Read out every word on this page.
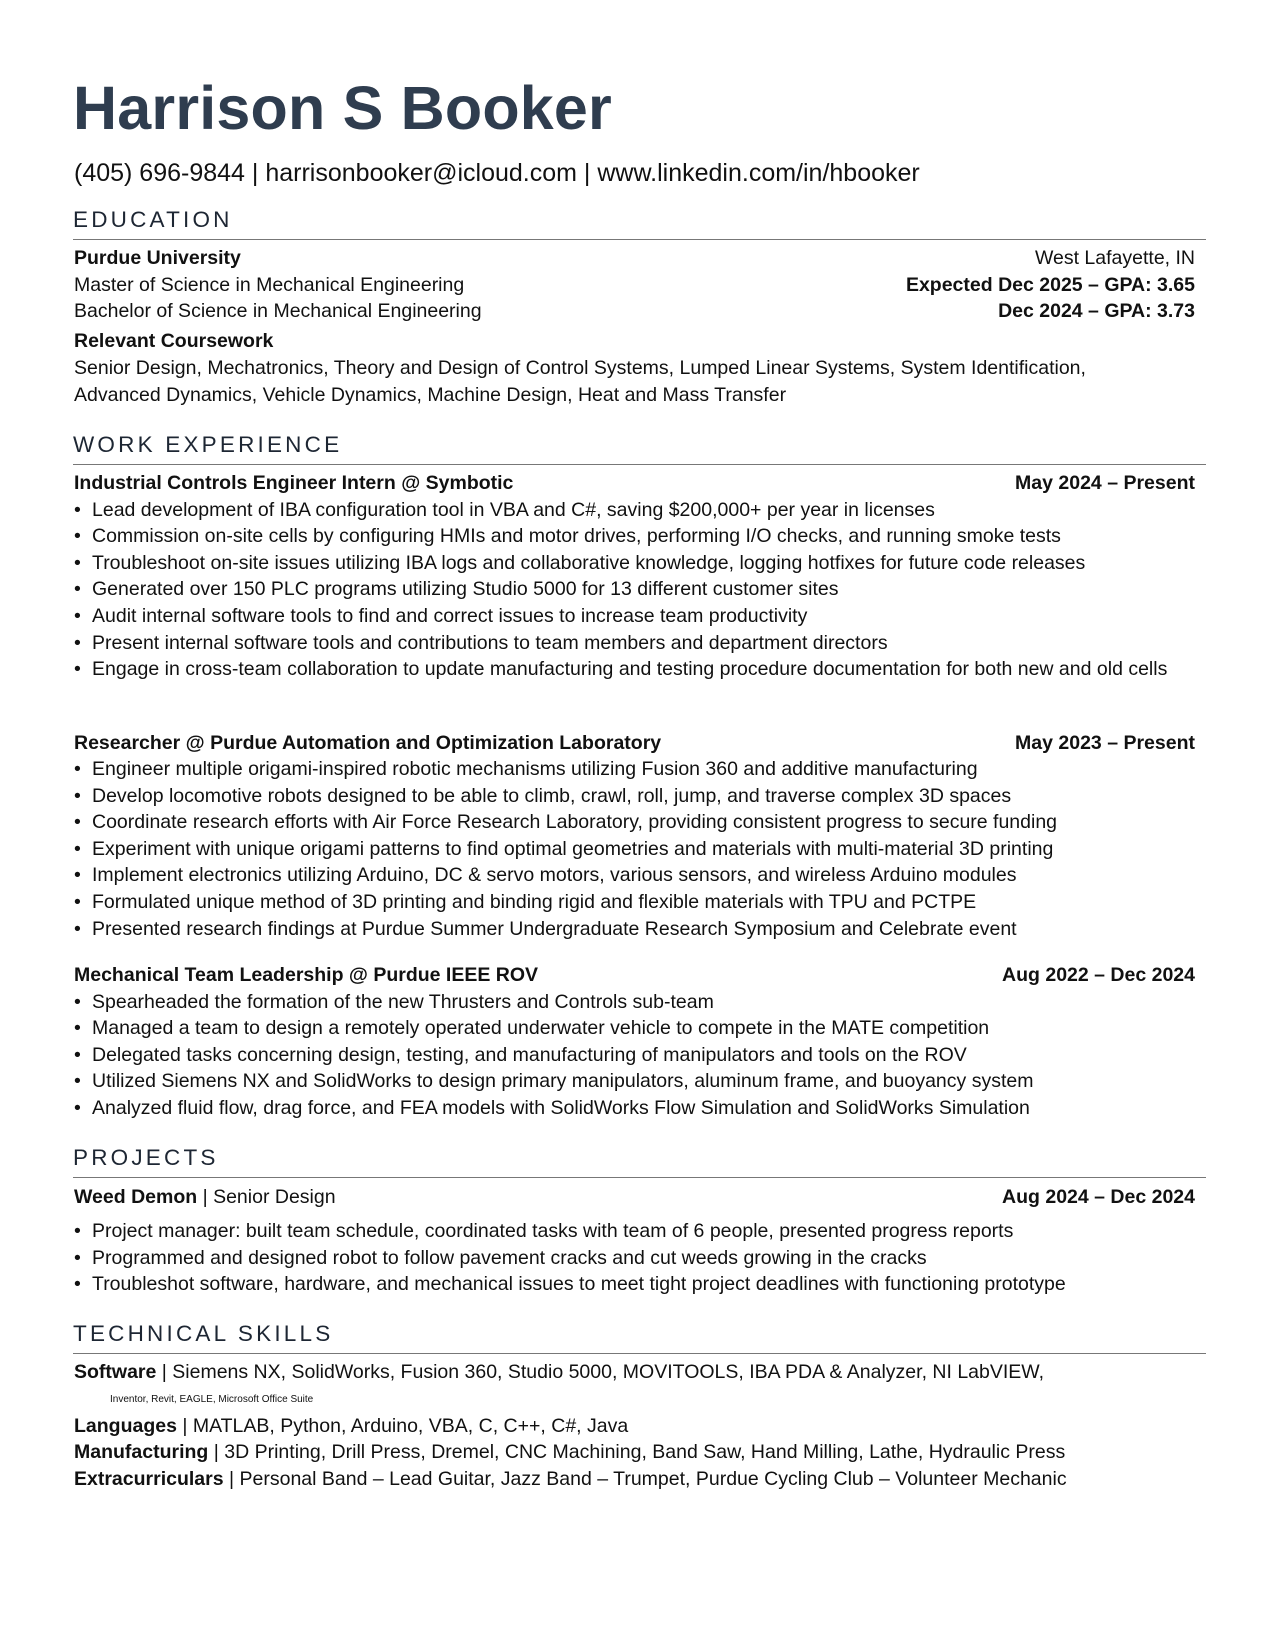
Harrison S Booker
(405) 696-9844 | harrisonbooker@icloud.com | www.linkedin.com/in/hbooker
EDUCATION
Purdue University	West Lafayette, IN
Master of Science in Mechanical Engineering	Expected Dec 2025 – GPA: 3.65
Bachelor of Science in Mechanical Engineering	Dec 2024 – GPA: 3.73
Relevant Coursework
Senior Design, Mechatronics, Theory and Design of Control Systems, Lumped Linear Systems, System Identification,
Advanced Dynamics, Vehicle Dynamics, Machine Design, Heat and Mass Transfer
WORK EXPERIENCE
Industrial Controls Engineer Intern @ Symbotic	May 2024 – Present
• Lead development of IBA configuration tool in VBA and C#, saving $200,000+ per year in licenses
• Commission on-site cells by configuring HMIs and motor drives, performing I/O checks, and running smoke tests
• Troubleshoot on-site issues utilizing IBA logs and collaborative knowledge, logging hotfixes for future code releases
• Generated over 150 PLC programs utilizing Studio 5000 for 13 different customer sites
• Audit internal software tools to find and correct issues to increase team productivity
• Present internal software tools and contributions to team members and department directors
• Engage in cross-team collaboration to update manufacturing and testing procedure documentation for both new and old cells
Researcher @ Purdue Automation and Optimization Laboratory	May 2023 – Present
• Engineer multiple origami-inspired robotic mechanisms utilizing Fusion 360 and additive manufacturing
• Develop locomotive robots designed to be able to climb, crawl, roll, jump, and traverse complex 3D spaces
• Coordinate research efforts with Air Force Research Laboratory, providing consistent progress to secure funding
• Experiment with unique origami patterns to find optimal geometries and materials with multi-material 3D printing
• Implement electronics utilizing Arduino, DC & servo motors, various sensors, and wireless Arduino modules
• Formulated unique method of 3D printing and binding rigid and flexible materials with TPU and PCTPE
• Presented research findings at Purdue Summer Undergraduate Research Symposium and Celebrate event
Mechanical Team Leadership @ Purdue IEEE ROV	Aug 2022 – Dec 2024
• Spearheaded the formation of the new Thrusters and Controls sub-team
• Managed a team to design a remotely operated underwater vehicle to compete in the MATE competition
• Delegated tasks concerning design, testing, and manufacturing of manipulators and tools on the ROV
• Utilized Siemens NX and SolidWorks to design primary manipulators, aluminum frame, and buoyancy system
• Analyzed fluid flow, drag force, and FEA models with SolidWorks Flow Simulation and SolidWorks Simulation
PROJECTS
Weed Demon | Senior Design	Aug 2024 – Dec 2024
• Project manager: built team schedule, coordinated tasks with team of 6 people, presented progress reports
• Programmed and designed robot to follow pavement cracks and cut weeds growing in the cracks
• Troubleshot software, hardware, and mechanical issues to meet tight project deadlines with functioning prototype
TECHNICAL SKILLS
Software | Siemens NX, SolidWorks, Fusion 360, Studio 5000, MOVITOOLS, IBA PDA & Analyzer, NI LabVIEW,
Inventor, Revit, EAGLE, Microsoft Office Suite
Languages | MATLAB, Python, Arduino, VBA, C, C++, C#, Java
Manufacturing | 3D Printing, Drill Press, Dremel, CNC Machining, Band Saw, Hand Milling, Lathe, Hydraulic Press
Extracurriculars | Personal Band – Lead Guitar, Jazz Band – Trumpet, Purdue Cycling Club – Volunteer Mechanic
